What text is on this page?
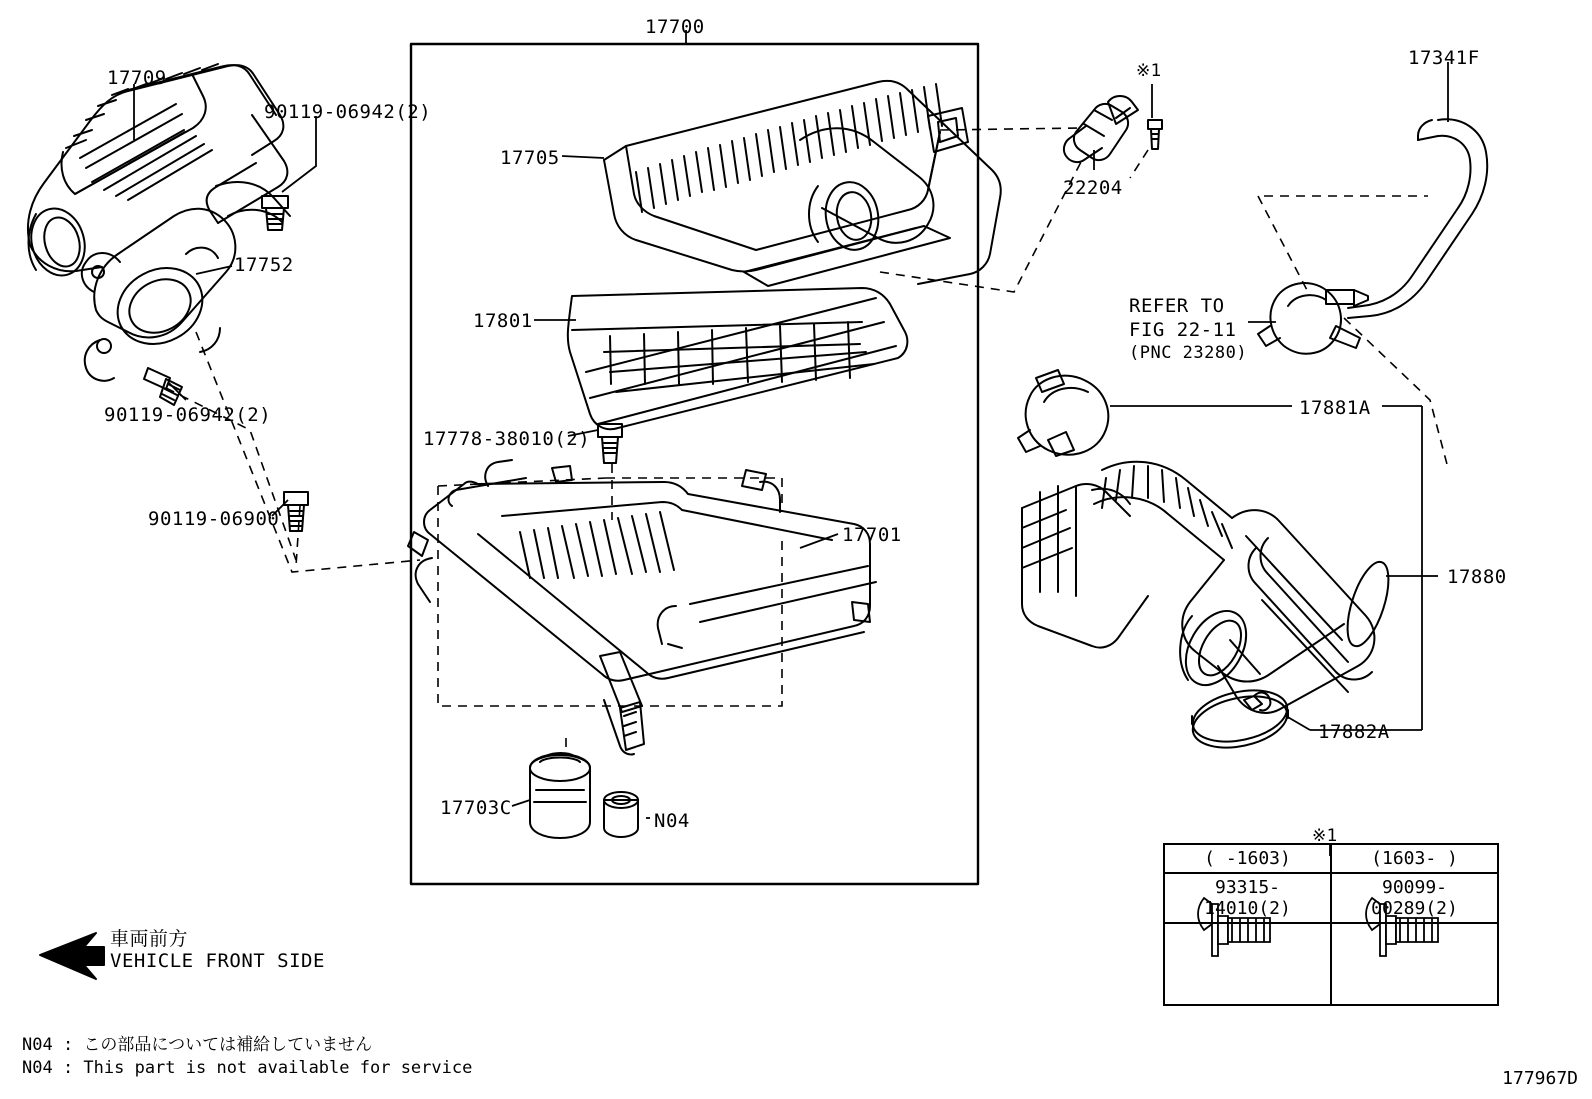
17700
17709
90119-06942(2)
17705
22204
17341F
17752
17801
90119-06942(2)	17881A
17778-38010(2)
90119-06900
17701
17880
17882A
17703C
N04
REFER TO
FIG 22-11
(PNC 23280)
※1
※1
車両前方
VEHICLE FRONT SIDE
N04 : この部品については補給していません
N04 : This part is not available for service
( -1603)	(1603- )
93315-14010(2)	90099-00289(2)

177967D
